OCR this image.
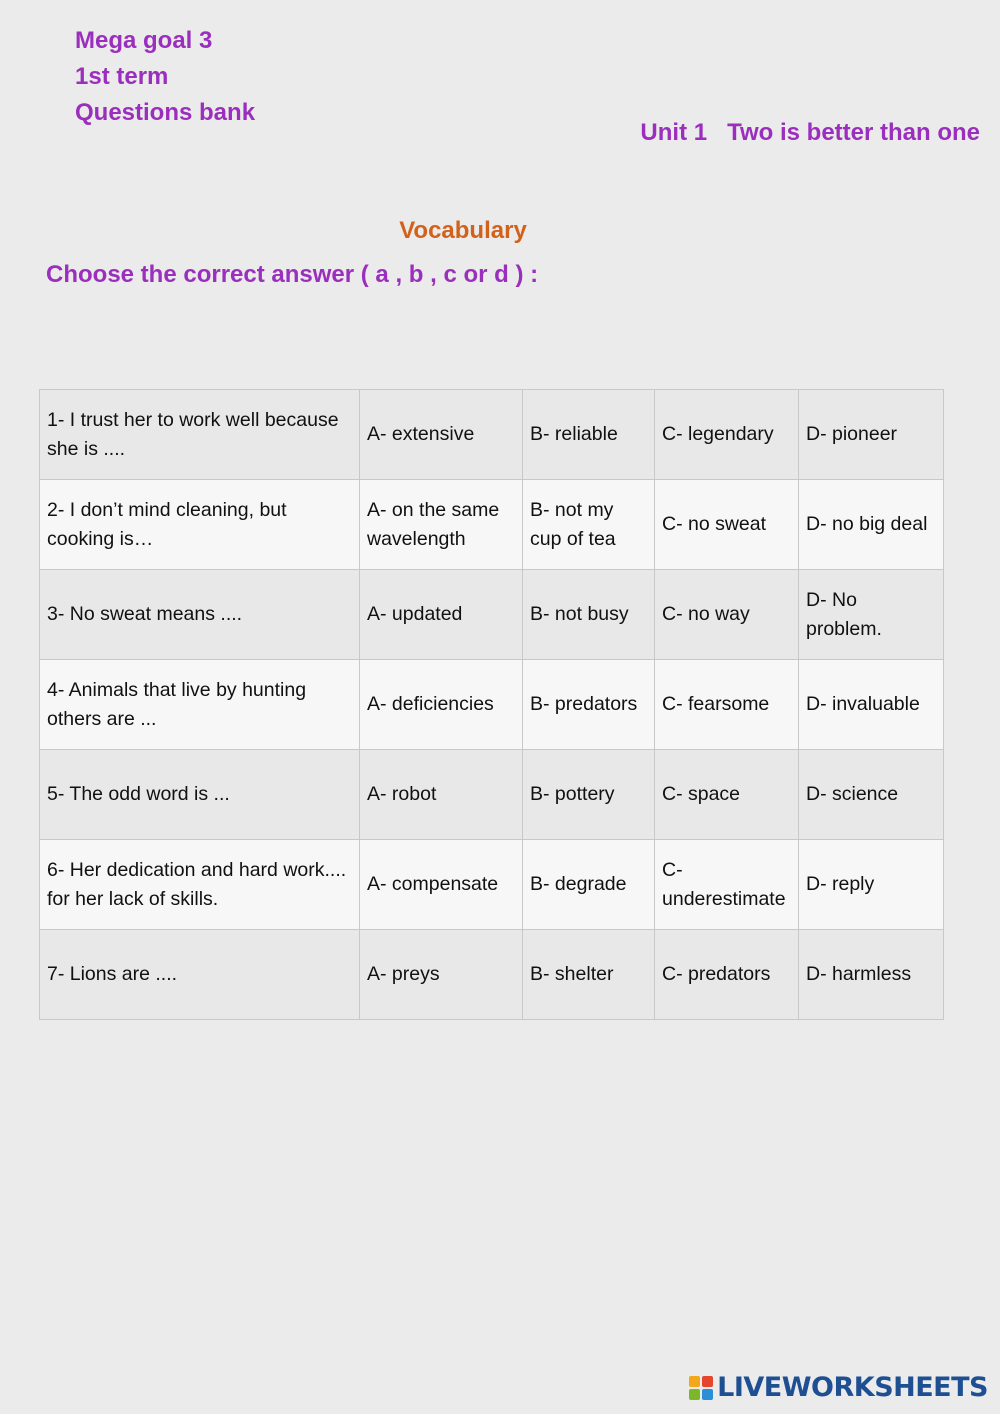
Mega goal 3

1st term

Questions bank

Unit 1   Two is better than one

Vocabulary

Choose the correct answer ( a , b , c or d ) :

1- I trust her to work well because she is ....	A- extensive	B- reliable	C- legendary	D- pioneer
2- I don’t mind cleaning, but cooking is…	A- on the same wavelength	B- not my cup of tea	C- no sweat	D- no big deal
3- No sweat means ....	A- updated	B- not busy	C- no way	D- No problem.
4- Animals that live by hunting others are ...	A- deficiencies	B- predators	C- fearsome	D- invaluable
5- The odd word is ...	A- robot	B- pottery	C- space	D- science
6- Her dedication and hard work.... for her lack of skills.	A- compensate	B- degrade	C- underestimate	D- reply
7- Lions are ....	A- preys	B- shelter	C- predators	D- harmless
LIVEWORKSHEETS
